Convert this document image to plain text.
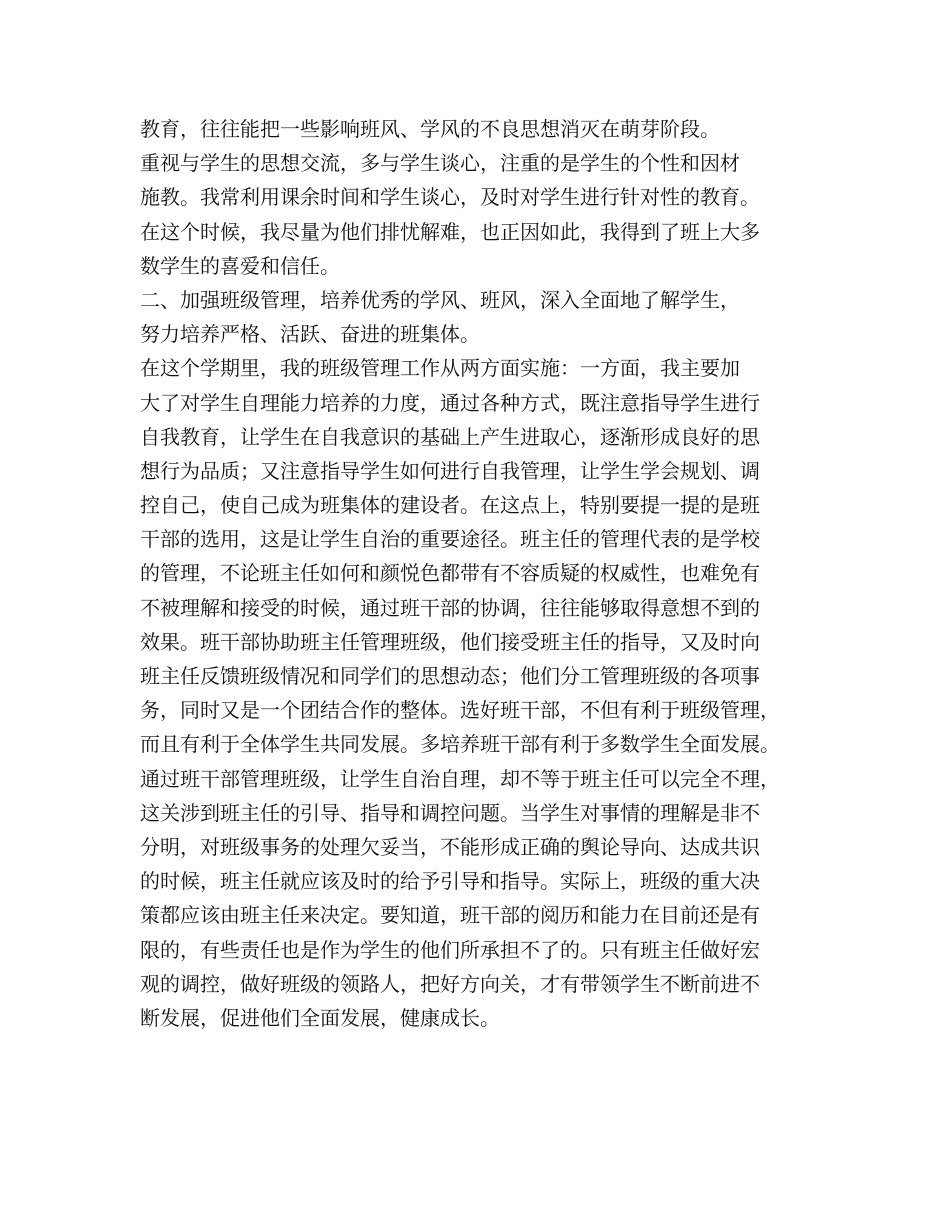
教育，往往能把一些影响班风、学风的不良思想消灭在萌芽阶段。
重视与学生的思想交流，多与学生谈心，注重的是学生的个性和因材
施教。我常利用课余时间和学生谈心，及时对学生进行针对性的教育。
在这个时候，我尽量为他们排忧解难，也正因如此，我得到了班上大多
数学生的喜爱和信任。
二、加强班级管理，培养优秀的学风、班风，深入全面地了解学生，
努力培养严格、活跃、奋进的班集体。
在这个学期里，我的班级管理工作从两方面实施：一方面，我主要加
大了对学生自理能力培养的力度，通过各种方式，既注意指导学生进行
自我教育，让学生在自我意识的基础上产生进取心，逐渐形成良好的思
想行为品质；又注意指导学生如何进行自我管理，让学生学会规划、调
控自己，使自己成为班集体的建设者。在这点上，特别要提一提的是班
干部的选用，这是让学生自治的重要途径。班主任的管理代表的是学校
的管理，不论班主任如何和颜悦色都带有不容质疑的权威性，也难免有
不被理解和接受的时候，通过班干部的协调，往往能够取得意想不到的
效果。班干部协助班主任管理班级，他们接受班主任的指导，又及时向
班主任反馈班级情况和同学们的思想动态；他们分工管理班级的各项事
务，同时又是一个团结合作的整体。选好班干部，不但有利于班级管理，
而且有利于全体学生共同发展。多培养班干部有利于多数学生全面发展。
通过班干部管理班级，让学生自治自理，却不等于班主任可以完全不理，
这关涉到班主任的引导、指导和调控问题。当学生对事情的理解是非不
分明，对班级事务的处理欠妥当，不能形成正确的舆论导向、达成共识
的时候，班主任就应该及时的给予引导和指导。实际上，班级的重大决
策都应该由班主任来决定。要知道，班干部的阅历和能力在目前还是有
限的，有些责任也是作为学生的他们所承担不了的。只有班主任做好宏
观的调控，做好班级的领路人，把好方向关，才有带领学生不断前进不
断发展，促进他们全面发展，健康成长。
